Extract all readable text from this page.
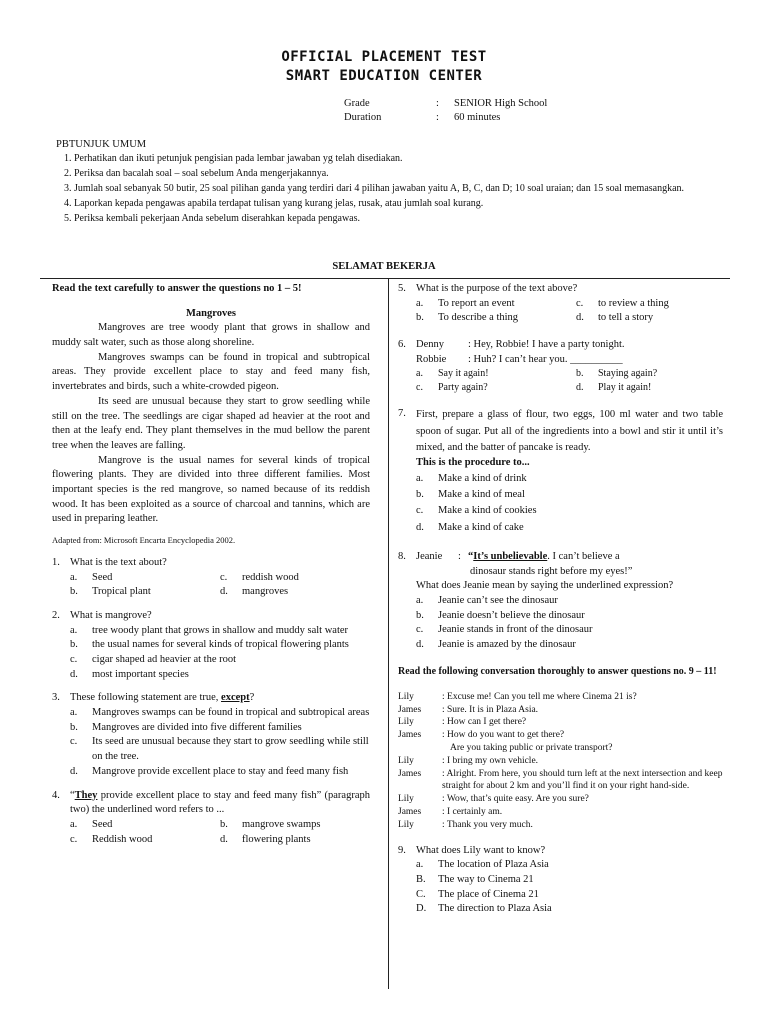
OFFICIAL PLACEMENT TEST
SMART EDUCATION CENTER
Grade	: SENIOR High School
Duration	: 60 minutes
PBTUNJUK UMUM
1. Perhatikan dan ikuti petunjuk pengisian pada lembar jawaban yg telah disediakan.
2. Periksa dan bacalah soal – soal sebelum Anda mengerjakannya.
3. Jumlah soal sebanyak 50 butir, 25 soal pilihan ganda yang terdiri dari 4 pilihan jawaban yaitu A, B, C, dan D; 10 soal uraian; dan 15 soal memasangkan.
4. Laporkan kepada pengawas apabila terdapat tulisan yang kurang jelas, rusak, atau jumlah soal kurang.
5. Periksa kembali pekerjaan Anda sebelum diserahkan kepada pengawas.
SELAMAT BEKERJA
Read the text carefully to answer the questions no 1 – 5!
Mangroves
Mangroves are tree woody plant that grows in shallow and muddy salt water, such as those along shoreline.
Mangroves swamps can be found in tropical and subtropical areas. They provide excellent place to stay and feed many fish, invertebrates and birds, such a white-crowded pigeon.
Its seed are unusual because they start to grow seedling while still on the tree. The seedlings are cigar shaped ad heavier at the root and then at the leafy end. They plant themselves in the mud bellow the parent tree when the leaves are falling.
Mangrove is the usual names for several kinds of tropical flowering plants. They are divided into three different families. Most important species is the red mangrove, so named because of its reddish wood. It has been exploited as a source of charcoal and tannins, which are used in preparing leather.
Adapted from: Microsoft Encarta Encyclopedia 2002.
1. What is the text about?
a.	Seed	c.	reddish wood
b.	Tropical plant	d.	mangroves
2. What is mangrove?
a.	tree woody plant that grows in shallow and muddy salt water
b.	the usual names for several kinds of tropical flowering plants
c.	cigar shaped ad heavier at the root
d.	most important species
3. These following statement are true, except?
a.	Mangroves swamps can be found in tropical and subtropical areas
b.	Mangroves are divided into five different families
c.	Its seed are unusual because they start to grow seedling while still on the tree.
d.	Mangrove provide excellent place to stay and feed many fish
4. “They provide excellent place to stay and feed many fish” (paragraph two) the underlined word refers to ...
a.	Seed	b.	mangrove swamps
c.	Reddish wood	d.	flowering plants
5. What is the purpose of the text above?
a.	To report an event	c.	to review a thing
b.	To describe a thing	d.	to tell a story
6. Denny	: Hey, Robbie! I have a party tonight.
Robbie	: Huh? I can’t hear you. __________
a.	Say it again!	b.	Staying again?
c.	Party again?	d.	Play it again!
7. First, prepare a glass of flour, two eggs, 100 ml water and two table spoon of sugar. Put all of the ingredients into a bowl and stir it until it’s mixed, and the batter of pancake is ready.
This is the procedure to...
a.	Make a kind of drink
b.	Make a kind of meal
c.	Make a kind of cookies
d.	Make a kind of cake
8. Jeanie	: “It’s unbelievable. I can’t believe a
dinosaur stands right before my eyes!”
What does Jeanie mean by saying the underlined expression?
a.	Jeanie can’t see the dinosaur
b.	Jeanie doesn’t believe the dinosaur
c.	Jeanie stands in front of the dinosaur
d.	Jeanie is amazed by the dinosaur
Read the following conversation thoroughly to answer questions no. 9 – 11!
Lily	: Excuse me! Can you tell me where Cinema 21 is?
James	: Sure. It is in Plaza Asia.
Lily	: How can I get there?
James	: How do you want to get there?
Are you taking public or private transport?
Lily	: I bring my own vehicle.
James	: Alright. From here, you should turn left at the next intersection and keep straight for about 2 km and you’ll find it on your right hand-side.
Lily	: Wow, that’s quite easy. Are you sure?
James	: I certainly am.
Lily	: Thank you very much.
9. What does Lily want to know?
a.	The location of Plaza Asia
B.	The way to Cinema 21
C.	The place of Cinema 21
D.	The direction to Plaza Asia
